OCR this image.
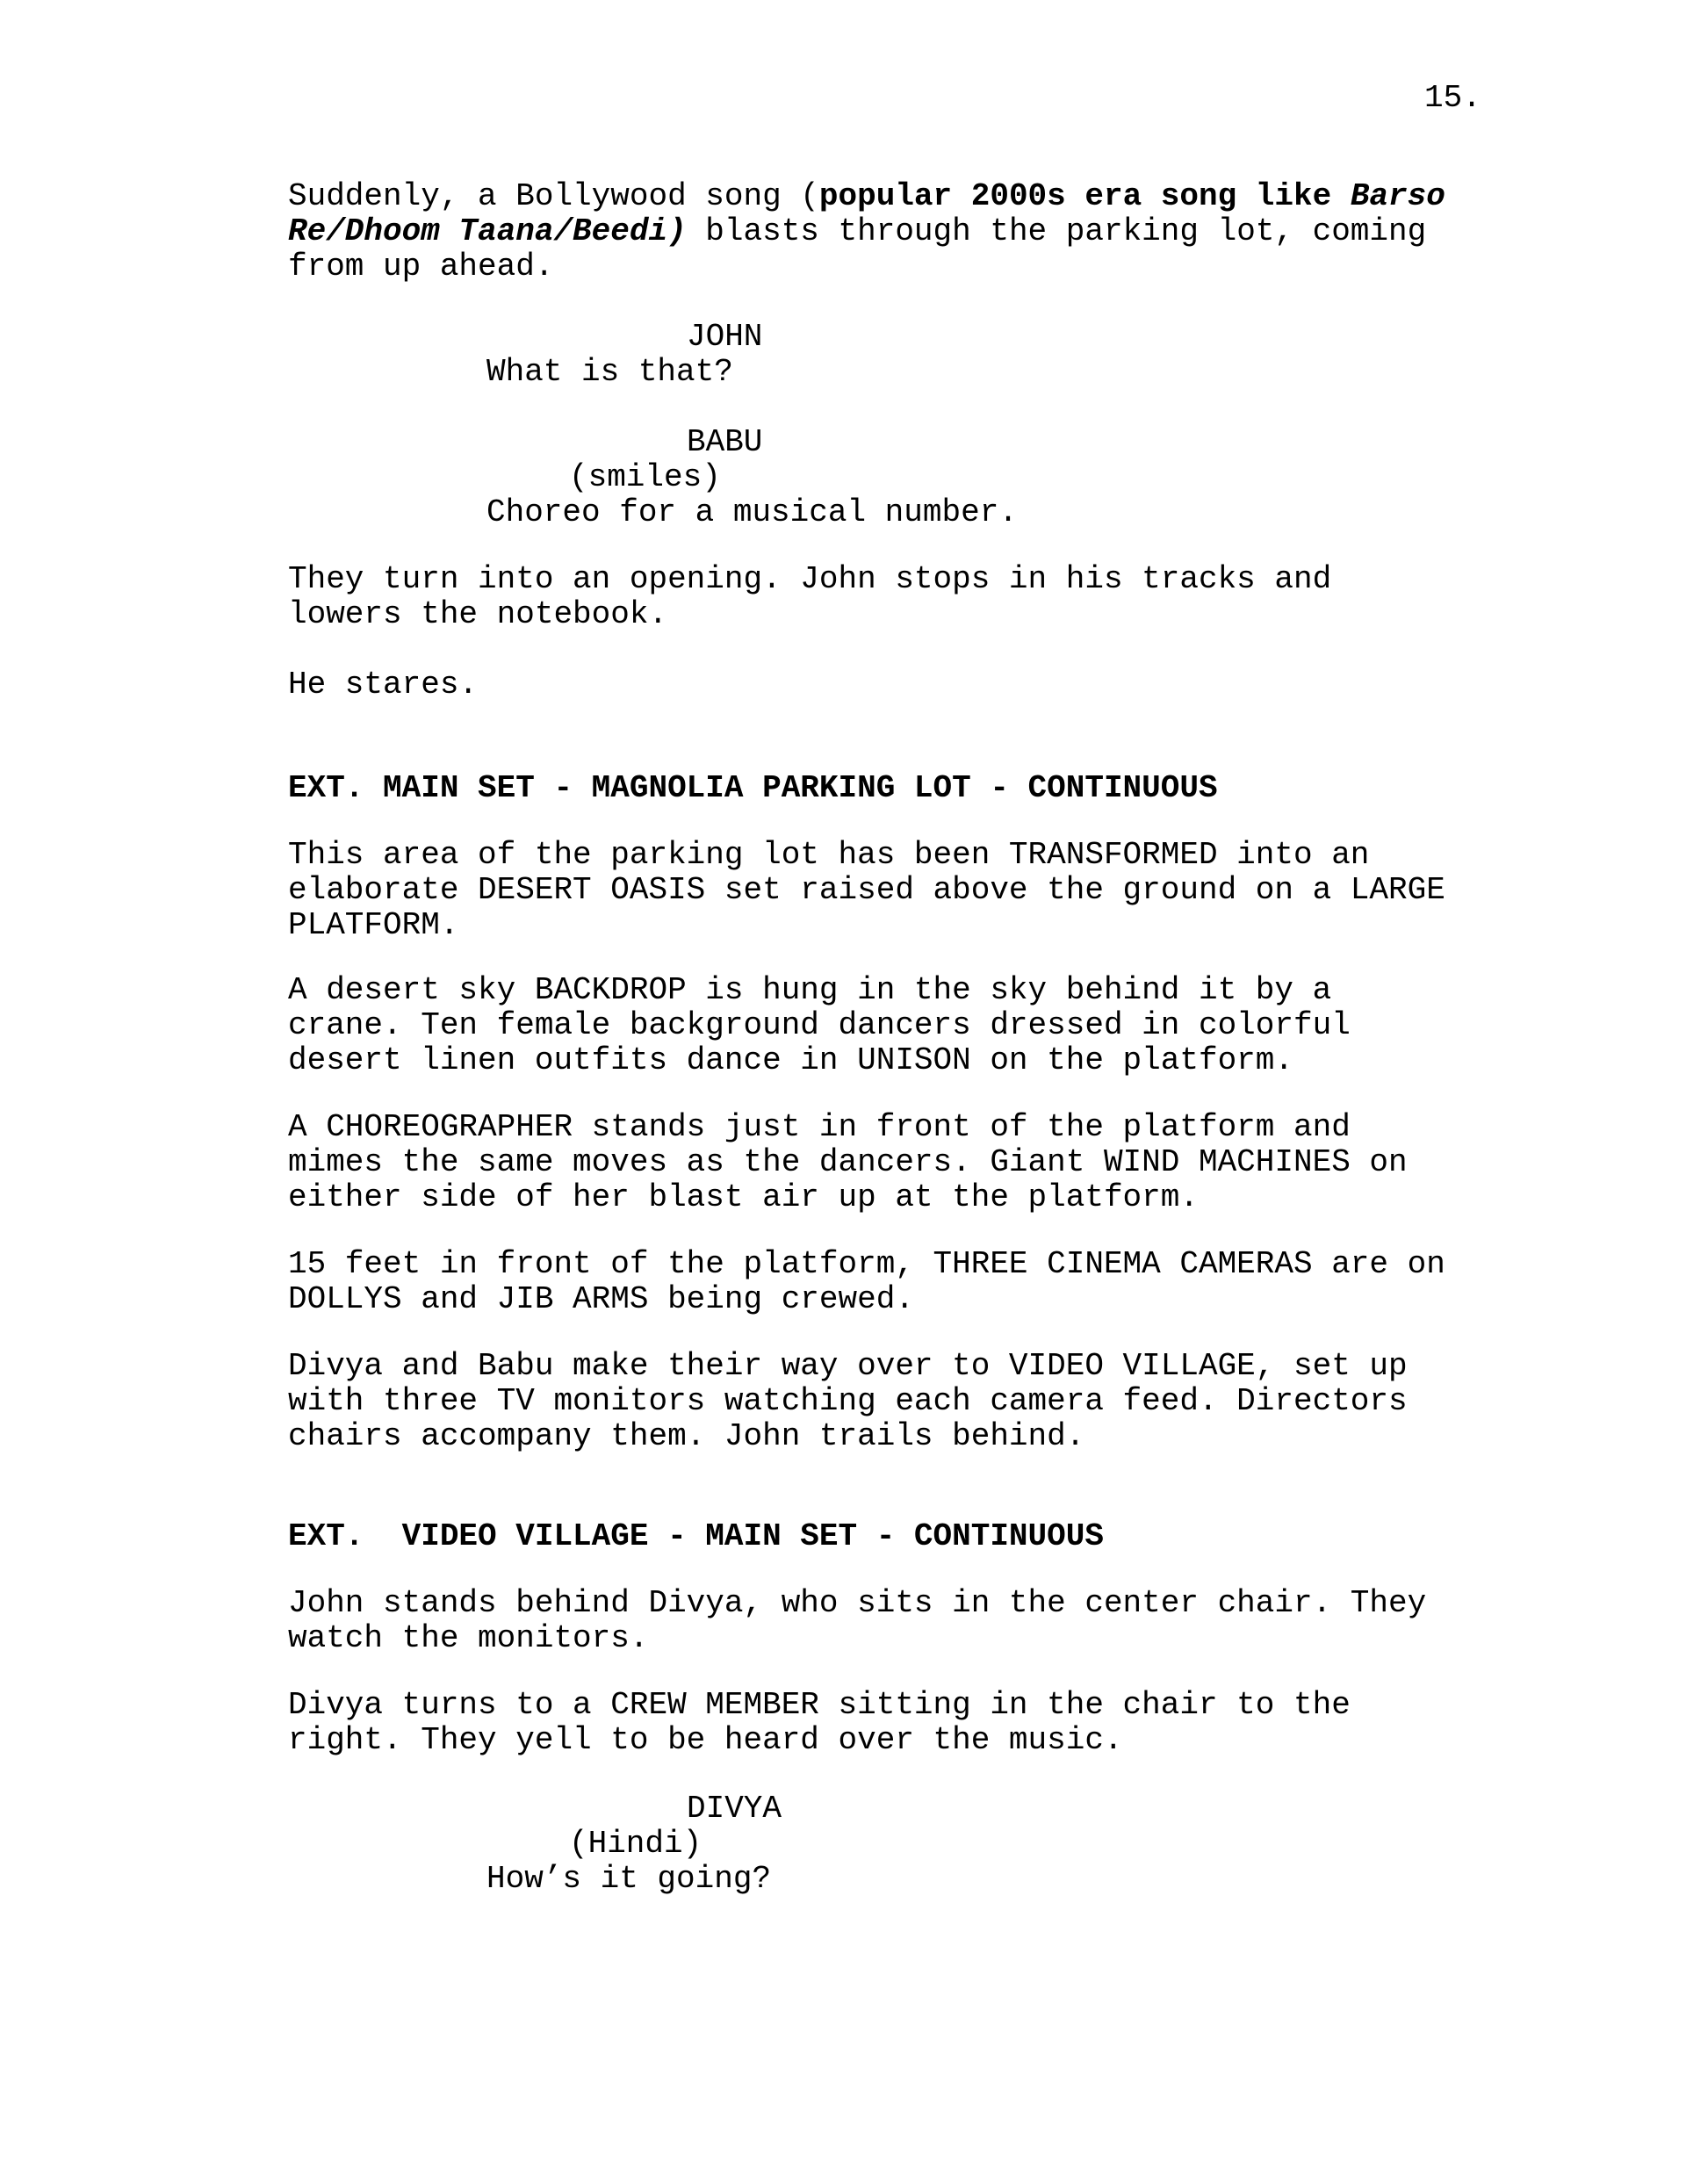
15.
Suddenly, a Bollywood song (popular 2000s era song like Barso
Re/Dhoom Taana/Beedi) blasts through the parking lot, coming
from up ahead.
JOHN
What is that?
BABU
(smiles)
Choreo for a musical number.
They turn into an opening. John stops in his tracks and
lowers the notebook.
He stares.
EXT. MAIN SET - MAGNOLIA PARKING LOT - CONTINUOUS
This area of the parking lot has been TRANSFORMED into an
elaborate DESERT OASIS set raised above the ground on a LARGE
PLATFORM.
A desert sky BACKDROP is hung in the sky behind it by a
crane. Ten female background dancers dressed in colorful
desert linen outfits dance in UNISON on the platform.
A CHOREOGRAPHER stands just in front of the platform and
mimes the same moves as the dancers. Giant WIND MACHINES on
either side of her blast air up at the platform.
15 feet in front of the platform, THREE CINEMA CAMERAS are on
DOLLYS and JIB ARMS being crewed.
Divya and Babu make their way over to VIDEO VILLAGE, set up
with three TV monitors watching each camera feed. Directors
chairs accompany them. John trails behind.
EXT.  VIDEO VILLAGE - MAIN SET - CONTINUOUS
John stands behind Divya, who sits in the center chair. They
watch the monitors.
Divya turns to a CREW MEMBER sitting in the chair to the
right. They yell to be heard over the music.
DIVYA
(Hindi)
How’s it going?
